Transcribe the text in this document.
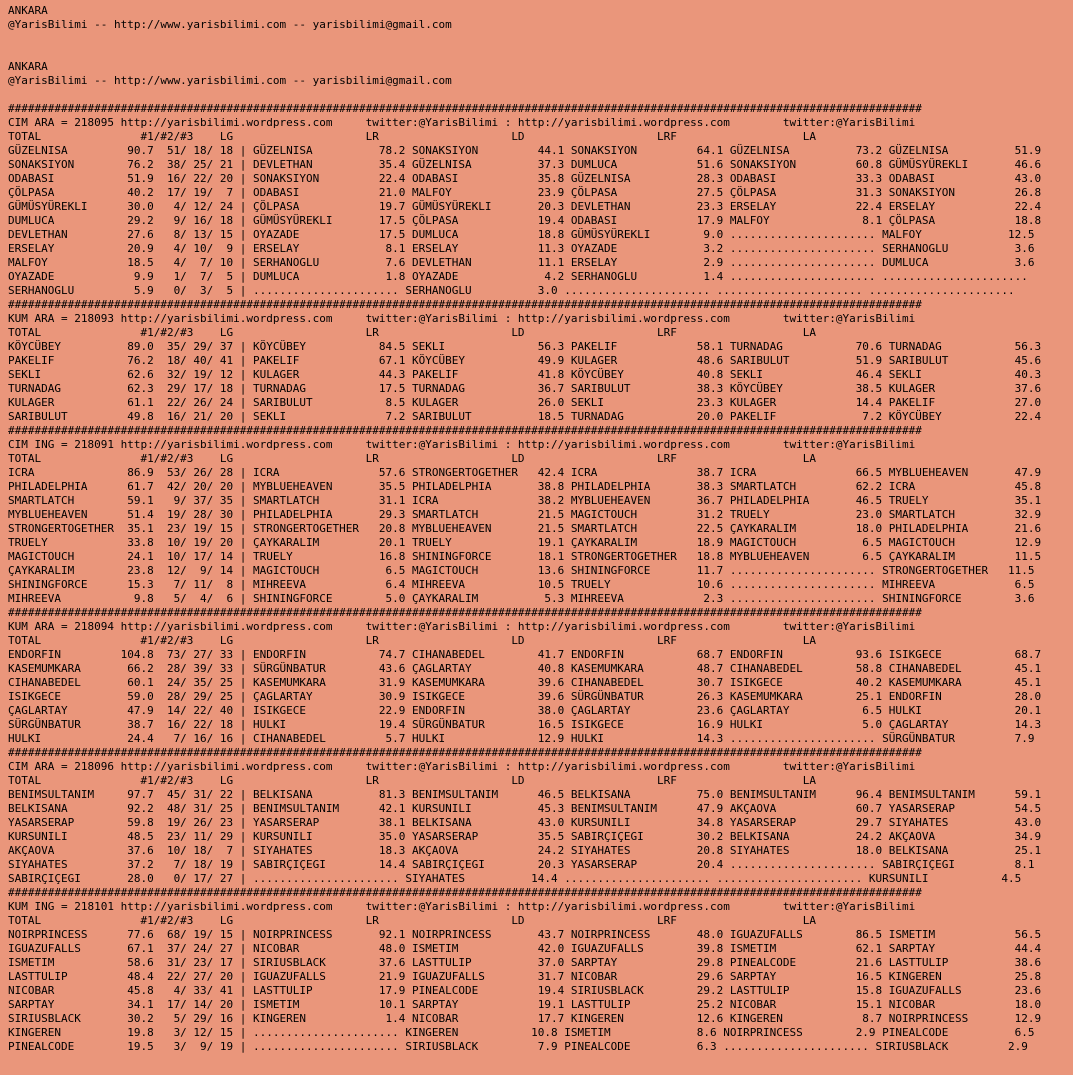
ANKARA
@YarisBilimi -- http://www.yarisbilimi.com -- yarisbilimi@gmail.com
ANKARA
@YarisBilimi -- http://www.yarisbilimi.com -- yarisbilimi@gmail.com
##########################################################################################################################################
CIM ARA = 218095 http://yarisbilimi.wordpress.com     twitter:@YarisBilimi : http://yarisbilimi.wordpress.com        twitter:@YarisBilimi
TOTAL               #1/#2/#3    LG                    LR                    LD                    LRF                   LA
GÜZELNISA         90.7  51/ 18/ 18 | GÜZELNISA          78.2 SONAKSIYON         44.1 SONAKSIYON         64.1 GÜZELNISA          73.2 GÜZELNISA          51.9
SONAKSIYON        76.2  38/ 25/ 21 | DEVLETHAN          35.4 GÜZELNISA          37.3 DUMLUCA            51.6 SONAKSIYON         60.8 GÜMÜSYÜREKLI       46.6
ODABASI           51.9  16/ 22/ 20 | SONAKSIYON         22.4 ODABASI            35.8 GÜZELNISA          28.3 ODABASI            33.3 ODABASI            43.0
ÇÖLPASA           40.2  17/ 19/  7 | ODABASI            21.0 MALFOY             23.9 ÇÖLPASA            27.5 ÇÖLPASA            31.3 SONAKSIYON         26.8
GÜMÜSYÜREKLI      30.0   4/ 12/ 24 | ÇÖLPASA            19.7 GÜMÜSYÜREKLI       20.3 DEVLETHAN          23.3 ERSELAY            22.4 ERSELAY            22.4
DUMLUCA           29.2   9/ 16/ 18 | GÜMÜSYÜREKLI       17.5 ÇÖLPASA            19.4 ODABASI            17.9 MALFOY              8.1 ÇÖLPASA            18.8
DEVLETHAN         27.6   8/ 13/ 15 | OYAZADE            17.5 DUMLUCA            18.8 GÜMÜSYÜREKLI        9.0 ...................... MALFOY             12.5
ERSELAY           20.9   4/ 10/  9 | ERSELAY             8.1 ERSELAY            11.3 OYAZADE             3.2 ...................... SERHANOGLU          3.6
MALFOY            18.5   4/  7/ 10 | SERHANOGLU          7.6 DEVLETHAN          11.1 ERSELAY             2.9 ...................... DUMLUCA             3.6
OYAZADE            9.9   1/  7/  5 | DUMLUCA             1.8 OYAZADE             4.2 SERHANOGLU          1.4 ...................... ......................
SERHANOGLU         5.9   0/  3/  5 | ...................... SERHANOGLU          3.0 ...................... ...................... ......................
##########################################################################################################################################
KUM ARA = 218093 http://yarisbilimi.wordpress.com     twitter:@YarisBilimi : http://yarisbilimi.wordpress.com        twitter:@YarisBilimi
TOTAL               #1/#2/#3    LG                    LR                    LD                    LRF                   LA
KÖYCÜBEY          89.0  35/ 29/ 37 | KÖYCÜBEY           84.5 SEKLI              56.3 PAKELIF            58.1 TURNADAG           70.6 TURNADAG           56.3
PAKELIF           76.2  18/ 40/ 41 | PAKELIF            67.1 KÖYCÜBEY           49.9 KULAGER            48.6 SARIBULUT          51.9 SARIBULUT          45.6
SEKLI             62.6  32/ 19/ 12 | KULAGER            44.3 PAKELIF            41.8 KÖYCÜBEY           40.8 SEKLI              46.4 SEKLI              40.3
TURNADAG          62.3  29/ 17/ 18 | TURNADAG           17.5 TURNADAG           36.7 SARIBULUT          38.3 KÖYCÜBEY           38.5 KULAGER            37.6
KULAGER           61.1  22/ 26/ 24 | SARIBULUT           8.5 KULAGER            26.0 SEKLI              23.3 KULAGER            14.4 PAKELIF            27.0
SARIBULUT         49.8  16/ 21/ 20 | SEKLI               7.2 SARIBULUT          18.5 TURNADAG           20.0 PAKELIF             7.2 KÖYCÜBEY           22.4
##########################################################################################################################################
CIM ING = 218091 http://yarisbilimi.wordpress.com     twitter:@YarisBilimi : http://yarisbilimi.wordpress.com        twitter:@YarisBilimi
TOTAL               #1/#2/#3    LG                    LR                    LD                    LRF                   LA
ICRA              86.9  53/ 26/ 28 | ICRA               57.6 STRONGERTOGETHER   42.4 ICRA               38.7 ICRA               66.5 MYBLUEHEAVEN       47.9
PHILADELPHIA      61.7  42/ 20/ 20 | MYBLUEHEAVEN       35.5 PHILADELPHIA       38.8 PHILADELPHIA       38.3 SMARTLATCH         62.2 ICRA               45.8
SMARTLATCH        59.1   9/ 37/ 35 | SMARTLATCH         31.1 ICRA               38.2 MYBLUEHEAVEN       36.7 PHILADELPHIA       46.5 TRUELY             35.1
MYBLUEHEAVEN      51.4  19/ 28/ 30 | PHILADELPHIA       29.3 SMARTLATCH         21.5 MAGICTOUCH         31.2 TRUELY             23.0 SMARTLATCH         32.9
STRONGERTOGETHER  35.1  23/ 19/ 15 | STRONGERTOGETHER   20.8 MYBLUEHEAVEN       21.5 SMARTLATCH         22.5 ÇAYKARALIM         18.0 PHILADELPHIA       21.6
TRUELY            33.8  10/ 19/ 20 | ÇAYKARALIM         20.1 TRUELY             19.1 ÇAYKARALIM         18.9 MAGICTOUCH          6.5 MAGICTOUCH         12.9
MAGICTOUCH        24.1  10/ 17/ 14 | TRUELY             16.8 SHININGFORCE       18.1 STRONGERTOGETHER   18.8 MYBLUEHEAVEN        6.5 ÇAYKARALIM         11.5
ÇAYKARALIM        23.8  12/  9/ 14 | MAGICTOUCH          6.5 MAGICTOUCH         13.6 SHININGFORCE       11.7 ...................... STRONGERTOGETHER   11.5
SHININGFORCE      15.3   7/ 11/  8 | MIHREEVA            6.4 MIHREEVA           10.5 TRUELY             10.6 ...................... MIHREEVA            6.5
MIHREEVA           9.8   5/  4/  6 | SHININGFORCE        5.0 ÇAYKARALIM          5.3 MIHREEVA            2.3 ...................... SHININGFORCE        3.6
##########################################################################################################################################
KUM ARA = 218094 http://yarisbilimi.wordpress.com     twitter:@YarisBilimi : http://yarisbilimi.wordpress.com        twitter:@YarisBilimi
TOTAL               #1/#2/#3    LG                    LR                    LD                    LRF                   LA
ENDORFIN         104.8  73/ 27/ 33 | ENDORFIN           74.7 CIHANABEDEL        41.7 ENDORFIN           68.7 ENDORFIN           93.6 ISIKGECE           68.7
KASEMUMKARA       66.2  28/ 39/ 33 | SÜRGÜNBATUR        43.6 ÇAGLARTAY          40.8 KASEMUMKARA        48.7 CIHANABEDEL        58.8 CIHANABEDEL        45.1
CIHANABEDEL       60.1  24/ 35/ 25 | KASEMUMKARA        31.9 KASEMUMKARA        39.6 CIHANABEDEL        30.7 ISIKGECE           40.2 KASEMUMKARA        45.1
ISIKGECE          59.0  28/ 29/ 25 | ÇAGLARTAY          30.9 ISIKGECE           39.6 SÜRGÜNBATUR        26.3 KASEMUMKARA        25.1 ENDORFIN           28.0
ÇAGLARTAY         47.9  14/ 22/ 40 | ISIKGECE           22.9 ENDORFIN           38.0 ÇAGLARTAY          23.6 ÇAGLARTAY           6.5 HULKI              20.1
SÜRGÜNBATUR       38.7  16/ 22/ 18 | HULKI              19.4 SÜRGÜNBATUR        16.5 ISIKGECE           16.9 HULKI               5.0 ÇAGLARTAY          14.3
HULKI             24.4   7/ 16/ 16 | CIHANABEDEL         5.7 HULKI              12.9 HULKI              14.3 ...................... SÜRGÜNBATUR         7.9
##########################################################################################################################################
CIM ARA = 218096 http://yarisbilimi.wordpress.com     twitter:@YarisBilimi : http://yarisbilimi.wordpress.com        twitter:@YarisBilimi
TOTAL               #1/#2/#3    LG                    LR                    LD                    LRF                   LA
BENIMSULTANIM     97.7  45/ 31/ 22 | BELKISANA          81.3 BENIMSULTANIM      46.5 BELKISANA          75.0 BENIMSULTANIM      96.4 BENIMSULTANIM      59.1
BELKISANA         92.2  48/ 31/ 25 | BENIMSULTANIM      42.1 KURSUNILI          45.3 BENIMSULTANIM      47.9 AKÇAOVA            60.7 YASARSERAP         54.5
YASARSERAP        59.8  19/ 26/ 23 | YASARSERAP         38.1 BELKISANA          43.0 KURSUNILI          34.8 YASARSERAP         29.7 SIYAHATES          43.0
KURSUNILI         48.5  23/ 11/ 29 | KURSUNILI          35.0 YASARSERAP         35.5 SABIRÇIÇEGI        30.2 BELKISANA          24.2 AKÇAOVA            34.9
AKÇAOVA           37.6  10/ 18/  7 | SIYAHATES          18.3 AKÇAOVA            24.2 SIYAHATES          20.8 SIYAHATES          18.0 BELKISANA          25.1
SIYAHATES         37.2   7/ 18/ 19 | SABIRÇIÇEGI        14.4 SABIRÇIÇEGI        20.3 YASARSERAP         20.4 ...................... SABIRÇIÇEGI         8.1
SABIRÇIÇEGI       28.0   0/ 17/ 27 | ...................... SIYAHATES          14.4 ...................... ...................... KURSUNILI           4.5
##########################################################################################################################################
KUM ING = 218101 http://yarisbilimi.wordpress.com     twitter:@YarisBilimi : http://yarisbilimi.wordpress.com        twitter:@YarisBilimi
TOTAL               #1/#2/#3    LG                    LR                    LD                    LRF                   LA
NOIRPRINCESS      77.6  68/ 19/ 15 | NOIRPRINCESS       92.1 NOIRPRINCESS       43.7 NOIRPRINCESS       48.0 IGUAZUFALLS        86.5 ISMETIM            56.5
IGUAZUFALLS       67.1  37/ 24/ 27 | NICOBAR            48.0 ISMETIM            42.0 IGUAZUFALLS        39.8 ISMETIM            62.1 SARPTAY            44.4
ISMETIM           58.6  31/ 23/ 17 | SIRIUSBLACK        37.6 LASTTULIP          37.0 SARPTAY            29.8 PINEALCODE         21.6 LASTTULIP          38.6
LASTTULIP         48.4  22/ 27/ 20 | IGUAZUFALLS        21.9 IGUAZUFALLS        31.7 NICOBAR            29.6 SARPTAY            16.5 KINGEREN           25.8
NICOBAR           45.8   4/ 33/ 41 | LASTTULIP          17.9 PINEALCODE         19.4 SIRIUSBLACK        29.2 LASTTULIP          15.8 IGUAZUFALLS        23.6
SARPTAY           34.1  17/ 14/ 20 | ISMETIM            10.1 SARPTAY            19.1 LASTTULIP          25.2 NICOBAR            15.1 NICOBAR            18.0
SIRIUSBLACK       30.2   5/ 29/ 16 | KINGEREN            1.4 NICOBAR            17.7 KINGEREN           12.6 KINGEREN            8.7 NOIRPRINCESS       12.9
KINGEREN          19.8   3/ 12/ 15 | ...................... KINGEREN           10.8 ISMETIM             8.6 NOIRPRINCESS        2.9 PINEALCODE          6.5
PINEALCODE        19.5   3/  9/ 19 | ...................... SIRIUSBLACK         7.9 PINEALCODE          6.3 ...................... SIRIUSBLACK         2.9
